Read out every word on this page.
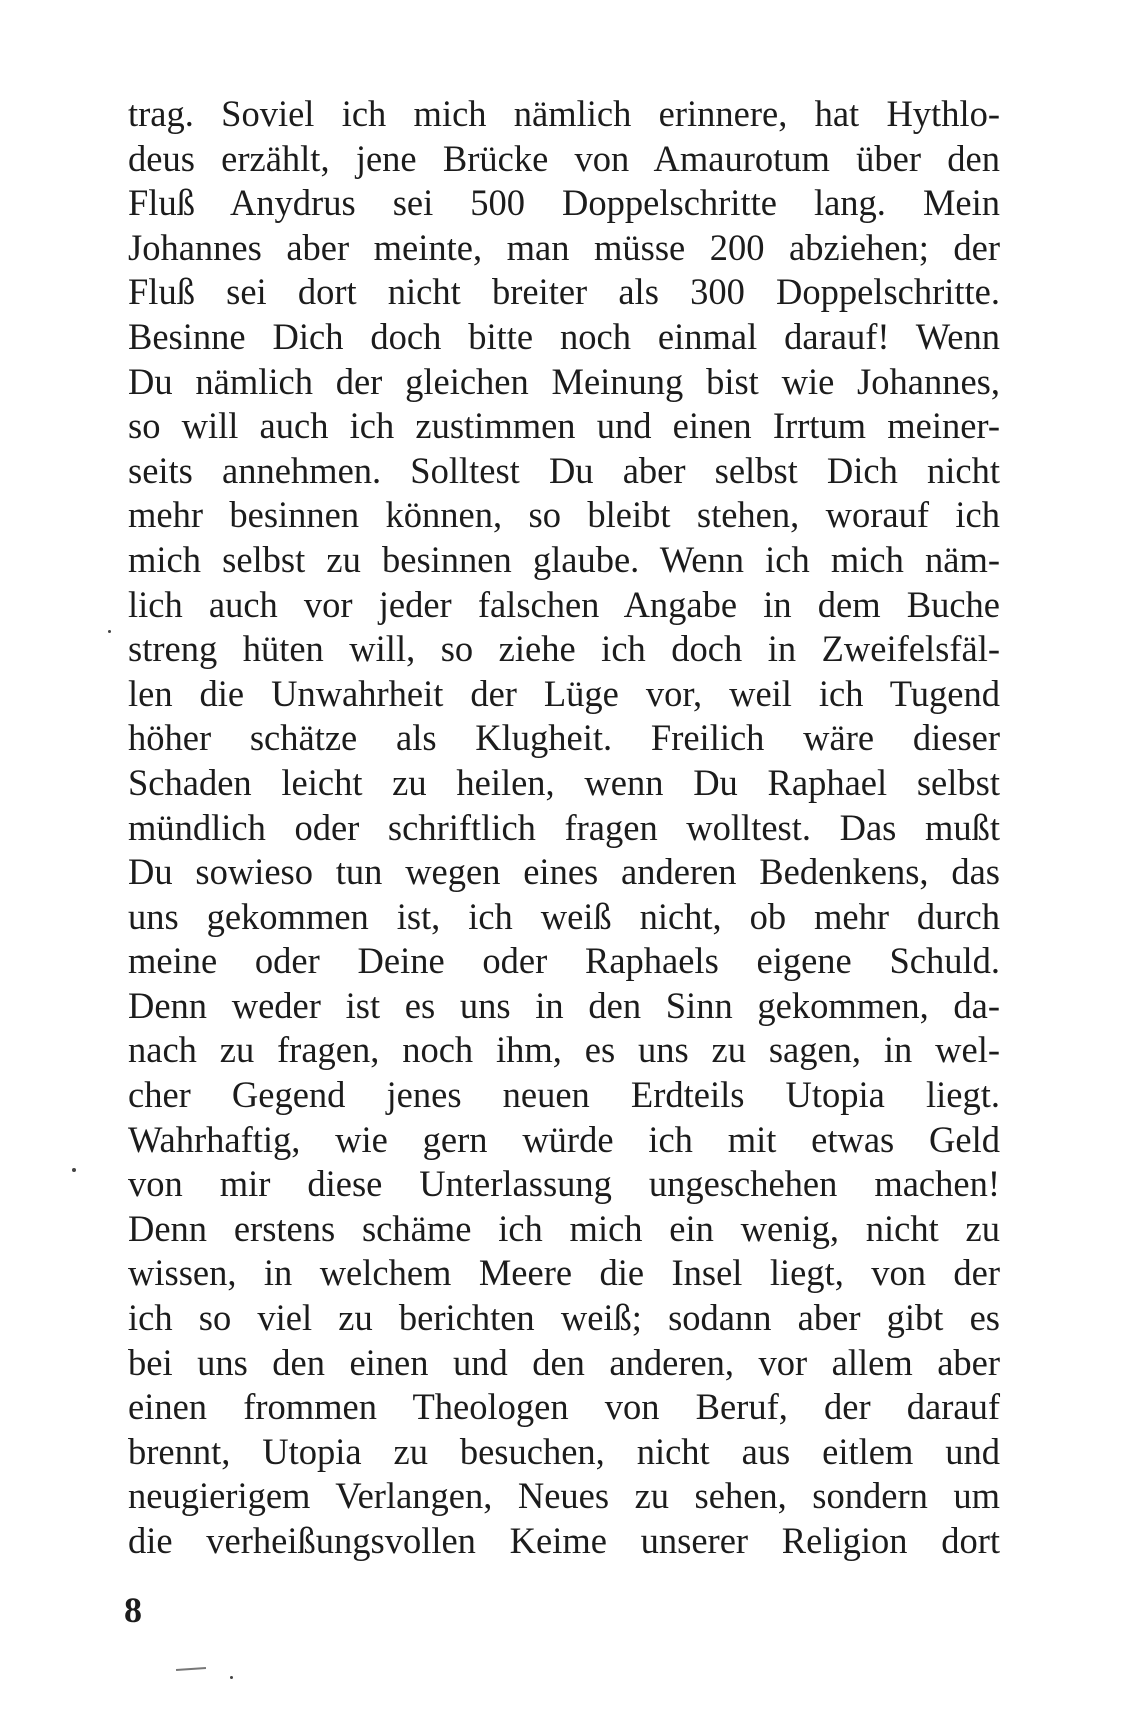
trag. Soviel ich mich nämlich erinnere, hat Hythlo-
deus erzählt, jene Brücke von Amaurotum über den
Fluß Anydrus sei 500 Doppelschritte lang. Mein
Johannes aber meinte, man müsse 200 abziehen; der
Fluß sei dort nicht breiter als 300 Doppelschritte.
Besinne Dich doch bitte noch einmal darauf! Wenn
Du nämlich der gleichen Meinung bist wie Johannes,
so will auch ich zustimmen und einen Irrtum meiner-
seits annehmen. Solltest Du aber selbst Dich nicht
mehr besinnen können, so bleibt stehen, worauf ich
mich selbst zu besinnen glaube. Wenn ich mich näm-
lich auch vor jeder falschen Angabe in dem Buche
streng hüten will, so ziehe ich doch in Zweifelsfäl-
len die Unwahrheit der Lüge vor, weil ich Tugend
höher schätze als Klugheit. Freilich wäre dieser
Schaden leicht zu heilen, wenn Du Raphael selbst
mündlich oder schriftlich fragen wolltest. Das mußt
Du sowieso tun wegen eines anderen Bedenkens, das
uns gekommen ist, ich weiß nicht, ob mehr durch
meine oder Deine oder Raphaels eigene Schuld.
Denn weder ist es uns in den Sinn gekommen, da-
nach zu fragen, noch ihm, es uns zu sagen, in wel-
cher Gegend jenes neuen Erdteils Utopia liegt.
Wahrhaftig, wie gern würde ich mit etwas Geld
von mir diese Unterlassung ungeschehen machen!
Denn erstens schäme ich mich ein wenig, nicht zu
wissen, in welchem Meere die Insel liegt, von der
ich so viel zu berichten weiß; sodann aber gibt es
bei uns den einen und den anderen, vor allem aber
einen frommen Theologen von Beruf, der darauf
brennt, Utopia zu besuchen, nicht aus eitlem und
neugierigem Verlangen, Neues zu sehen, sondern um
die verheißungsvollen Keime unserer Religion dort
8
